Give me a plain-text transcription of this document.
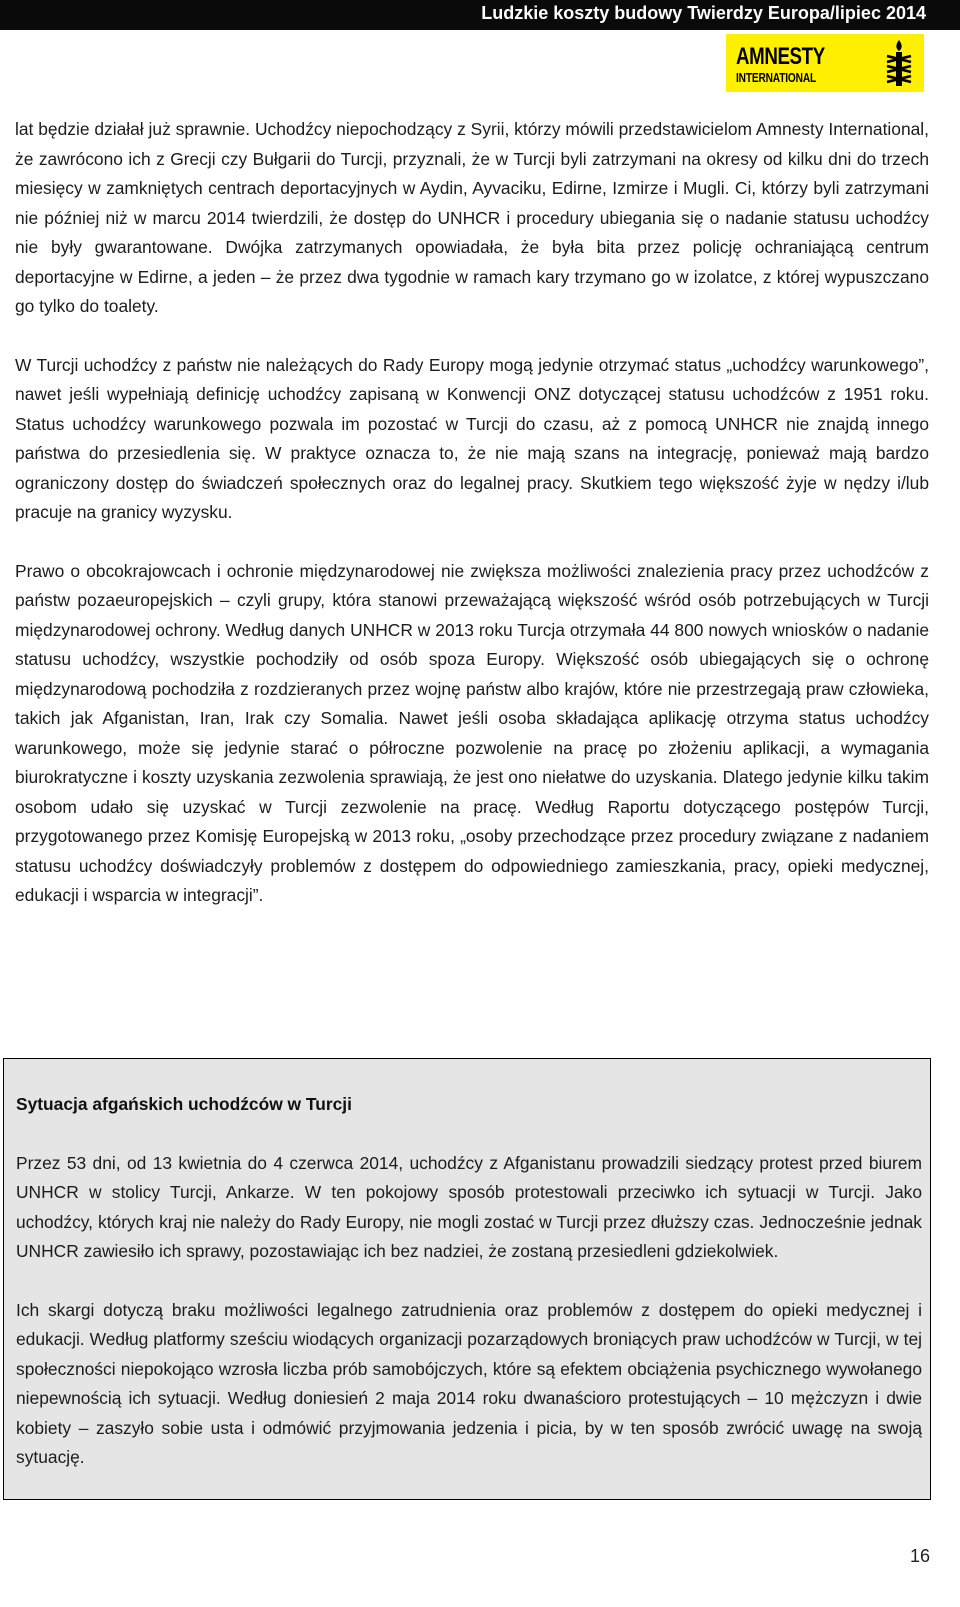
Ludzkie koszty budowy Twierdzy Europa/lipiec 2014
AMNESTY
INTERNATIONAL

lat będzie działał już sprawnie. Uchodźcy niepochodzący z Syrii, którzy mówili przedstawicielom Amnesty International, że zawrócono ich z Grecji czy Bułgarii do Turcji, przyznali, że w Turcji byli zatrzymani na okresy od kilku dni do trzech miesięcy w zamkniętych centrach deportacyjnych w Aydin, Ayvaciku, Edirne, Izmirze i Mugli. Ci, którzy byli zatrzymani nie później niż w marcu 2014 twierdzili, że dostęp do UNHCR i procedury ubiegania się o nadanie statusu uchodźcy nie były gwarantowane. Dwójka zatrzymanych opowiadała, że była bita przez policję ochraniającą centrum deportacyjne w Edirne, a jeden – że przez dwa tygodnie w ramach kary trzymano go w izolatce, z której wypuszczano go tylko do toalety.

W Turcji uchodźcy z państw nie należących do Rady Europy mogą jedynie otrzymać status „uchodźcy warunkowego”, nawet jeśli wypełniają definicję uchodźcy zapisaną w Konwencji ONZ dotyczącej statusu uchodźców z 1951 roku. Status uchodźcy warunkowego pozwala im pozostać w Turcji do czasu, aż z pomocą UNHCR nie znajdą innego państwa do przesiedlenia się. W praktyce oznacza to, że nie mają szans na integrację, ponieważ mają bardzo ograniczony dostęp do świadczeń społecznych oraz do legalnej pracy. Skutkiem tego większość żyje w nędzy i/lub pracuje na granicy wyzysku.

Prawo o obcokrajowcach i ochronie międzynarodowej nie zwiększa możliwości znalezienia pracy przez uchodźców z państw pozaeuropejskich – czyli grupy, która stanowi przeważającą większość wśród osób potrzebujących w Turcji międzynarodowej ochrony. Według danych UNHCR w 2013 roku Turcja otrzymała 44 800 nowych wniosków o nadanie statusu uchodźcy, wszystkie pochodziły od osób spoza Europy. Większość osób ubiegających się o ochronę międzynarodową pochodziła z rozdzieranych przez wojnę państw albo krajów, które nie przestrzegają praw człowieka, takich jak Afganistan, Iran, Irak czy Somalia. Nawet jeśli osoba składająca aplikację otrzyma status uchodźcy warunkowego, może się jedynie starać o półroczne pozwolenie na pracę po złożeniu aplikacji, a wymagania biurokratyczne i koszty uzyskania zezwolenia sprawiają, że jest ono niełatwe do uzyskania. Dlatego jedynie kilku takim osobom udało się uzyskać w Turcji zezwolenie na pracę. Według Raportu dotyczącego postępów Turcji, przygotowanego przez Komisję Europejską w 2013 roku, „osoby przechodzące przez procedury związane z nadaniem statusu uchodźcy doświadczyły problemów z dostępem do odpowiedniego zamieszkania, pracy, opieki medycznej, edukacji i wsparcia w integracji”.

Sytuacja afgańskich uchodźców w Turcji

Przez 53 dni, od 13 kwietnia do 4 czerwca 2014, uchodźcy z Afganistanu prowadzili siedzący protest przed biurem UNHCR w stolicy Turcji, Ankarze. W ten pokojowy sposób protestowali przeciwko ich sytuacji w Turcji. Jako uchodźcy, których kraj nie należy do Rady Europy, nie mogli zostać w Turcji przez dłuższy czas. Jednocześnie jednak UNHCR zawiesiło ich sprawy, pozostawiając ich bez nadziei, że zostaną przesiedleni gdziekolwiek.

Ich skargi dotyczą braku możliwości legalnego zatrudnienia oraz problemów z dostępem do opieki medycznej i edukacji. Według platformy sześciu wiodących organizacji pozarządowych broniących praw uchodźców w Turcji, w tej społeczności niepokojąco wzrosła liczba prób samobójczych, które są efektem obciążenia psychicznego wywołanego niepewnością ich sytuacji. Według doniesień 2 maja 2014 roku dwanaścioro protestujących – 10 mężczyzn i dwie kobiety – zaszyło sobie usta i odmówić przyjmowania jedzenia i picia, by w ten sposób zwrócić uwagę na swoją sytuację.

16
